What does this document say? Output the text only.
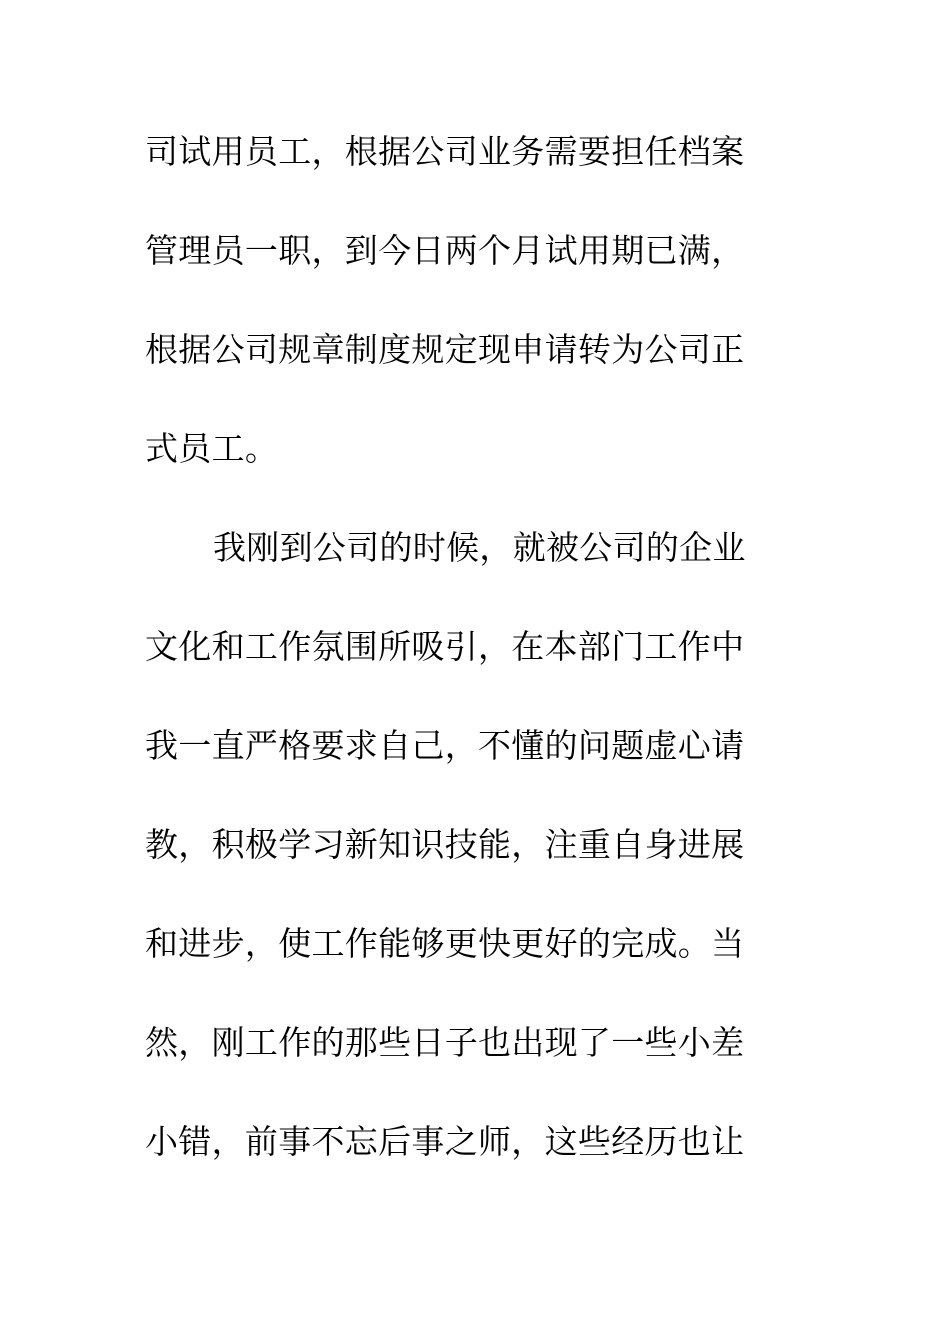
司试用员工，根据公司业务需要担任档案
管理员一职，到今日两个月试用期已满，
根据公司规章制度规定现申请转为公司正
式员工。
我刚到公司的时候，就被公司的企业
文化和工作氛围所吸引，在本部门工作中
我一直严格要求自己，不懂的问题虚心请
教，积极学习新知识技能，注重自身进展
和进步，使工作能够更快更好的完成。当
然，刚工作的那些日子也出现了一些小差
小错，前事不忘后事之师，这些经历也让
